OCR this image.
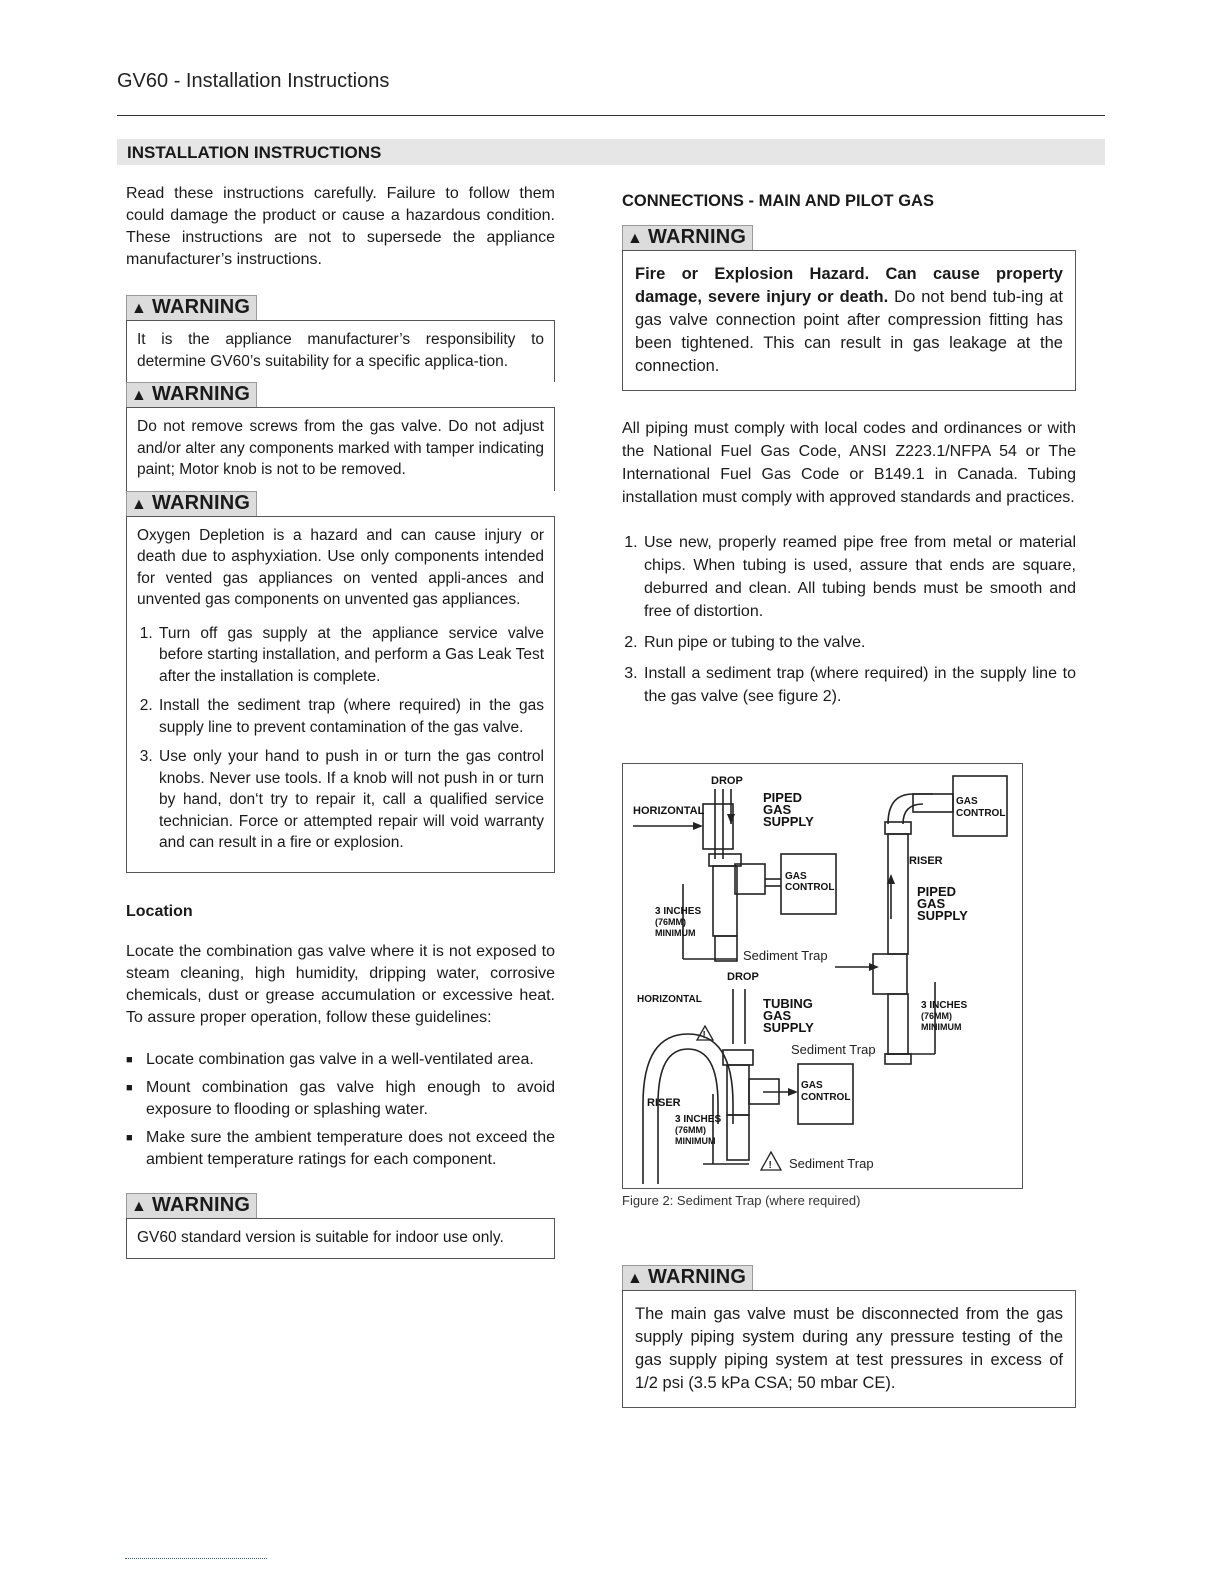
GV60 - Installation Instructions
INSTALLATION INSTRUCTIONS

Read these instructions carefully. Failure to follow them could damage the product or cause a hazardous condition. These instructions are not to supersede the appliance manufacturer’s instructions.

▲ WARNING

It is the appliance manufacturer’s responsibility to determine GV60’s suitability for a specific applica-tion.

▲ WARNING

Do not remove screws from the gas valve. Do not adjust and/or alter any components marked with tamper indicating paint; Motor knob is not to be removed.

▲ WARNING

Oxygen Depletion is a hazard and can cause injury or death due to asphyxiation. Use only components intended for vented gas appliances on vented appli-ances and unvented gas components on unvented gas appliances.

1. Turn off gas supply at the appliance service valve before starting installation, and perform a Gas Leak Test after the installation is complete.
2. Install the sediment trap (where required) in the gas supply line to prevent contamination of the gas valve.
3. Use only your hand to push in or turn the gas control knobs. Never use tools. If a knob will not push in or turn by hand, don‘t try to repair it, call a qualified service technician. Force or attempted repair will void warranty and can result in a fire or explosion.
Location

Locate the combination gas valve where it is not exposed to steam cleaning, high humidity, dripping water, corrosive chemicals, dust or grease accumulation or excessive heat. To assure proper operation, follow these guidelines:

■ Locate combination gas valve in a well-ventilated area.
■ Mount combination gas valve high enough to avoid exposure to flooding or splashing water.
■ Make sure the ambient temperature does not exceed the ambient temperature ratings for each component.
▲ WARNING

GV60 standard version is suitable for indoor use only.

CONNECTIONS - MAIN AND PILOT GAS
▲ WARNING

Fire or Explosion Hazard. Can cause property damage, severe injury or death. Do not bend tub-ing at gas valve connection point after compression fitting has been tightened. This can result in gas leakage at the connection.

All piping must comply with local codes and ordinances or with the National Fuel Gas Code, ANSI Z223.1/NFPA 54 or The International Fuel Gas Code or B149.1 in Canada. Tubing installation must comply with approved standards and practices.

1. Use new, properly reamed pipe free from metal or material chips. When tubing is used, assure that ends are square, deburred and clean. All tubing bends must be smooth and free of distortion.
2. Run pipe or tubing to the valve.
3. Install a sediment trap (where required) in the supply line to the gas valve (see figure 2).
DROP
HORIZONTAL
PIPED
GAS
SUPPLY
GAS
CONTROL
GAS
CONTROL
RISER
PIPED
GAS
SUPPLY
3 INCHES
(76MM)
MINIMUM
DROP
HORIZONTAL	TUBING
GAS
SUPPLY
3 INCHES
(76MM)
MINIMUM
RISER
GAS
CONTROL
3 INCHES
(76MM)
MINIMUM
Sediment Trap
Sediment Trap
Sediment Trap
!
!
Figure 2: Sediment Trap (where required)
▲ WARNING

The main gas valve must be disconnected from the gas supply piping system during any pressure testing of the gas supply piping system at test pressures in excess of 1/2 psi (3.5 kPa CSA; 50 mbar CE).
